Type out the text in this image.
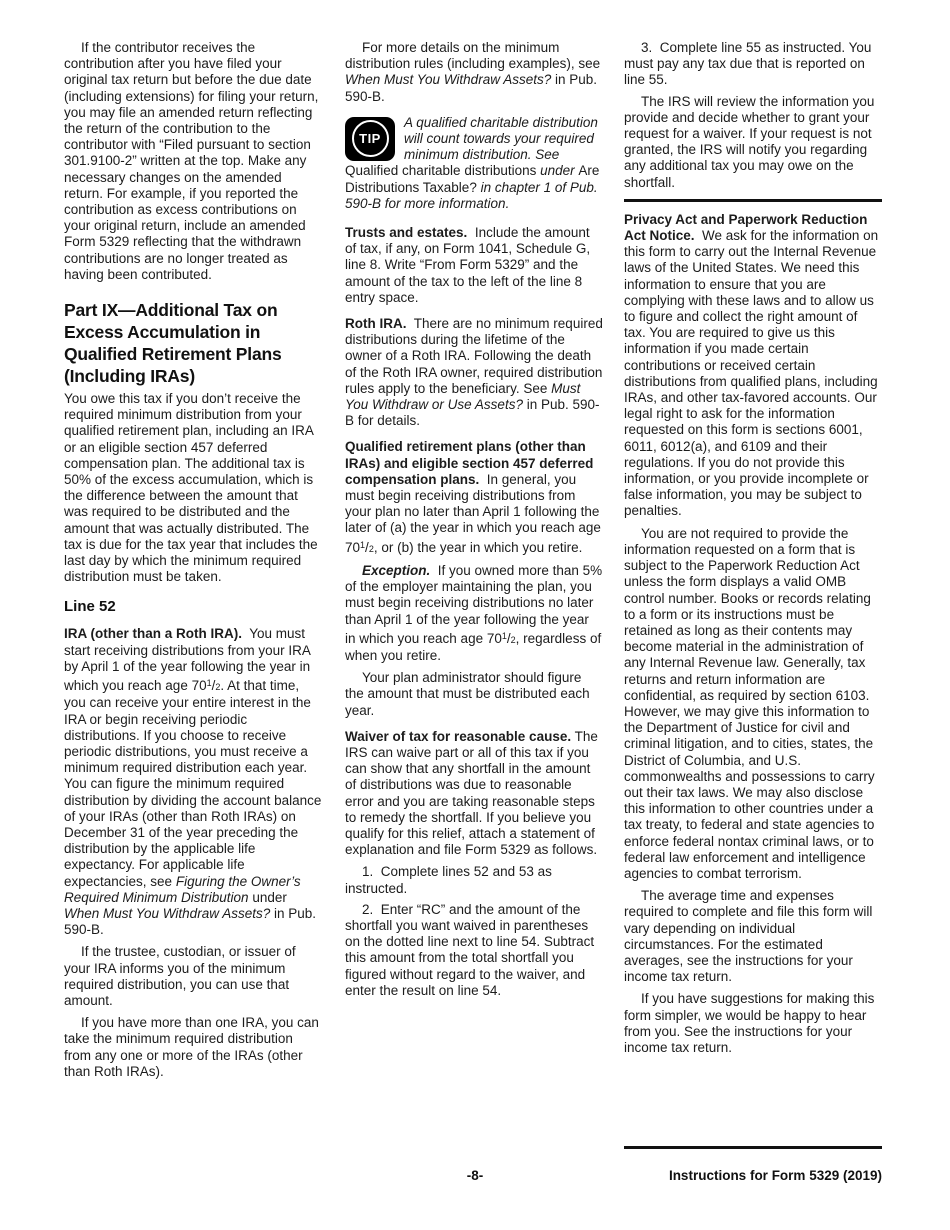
If the contributor receives the contribution after you have filed your original tax return but before the due date (including extensions) for filing your return, you may file an amended return reflecting the return of the contribution to the contributor with “Filed pursuant to section 301.9100-2” written at the top. Make any necessary changes on the amended return. For example, if you reported the contribution as excess contributions on your original return, include an amended Form 5329 reflecting that the withdrawn contributions are no longer treated as having been contributed.

Part IX—Additional Tax on Excess Accumulation in Qualified Retirement Plans (Including IRAs)

You owe this tax if you don’t receive the required minimum distribution from your qualified retirement plan, including an IRA or an eligible section 457 deferred compensation plan. The additional tax is 50% of the excess accumulation, which is the difference between the amount that was required to be distributed and the amount that was actually distributed. The tax is due for the tax year that includes the last day by which the minimum required distribution must be taken.

Line 52

IRA (other than a Roth IRA).  You must start receiving distributions from your IRA by April 1 of the year following the year in which you reach age $70^1/2$. At that time, you can receive your entire interest in the IRA or begin receiving periodic distributions. If you choose to receive periodic distributions, you must receive a minimum required distribution each year. You can figure the minimum required distribution by dividing the account balance of your IRAs (other than Roth IRAs) on December 31 of the year preceding the distribution by the applicable life expectancy. For applicable life expectancies, see Figuring the Owner’s Required Minimum Distribution under When Must You Withdraw Assets? in Pub. 590-B.

If the trustee, custodian, or issuer of your IRA informs you of the minimum required distribution, you can use that amount.

If you have more than one IRA, you can take the minimum required distribution from any one or more of the IRAs (other than Roth IRAs).

For more details on the minimum distribution rules (including examples), see When Must You Withdraw Assets? in Pub. 590-B.

TIP
A qualified charitable distribution will count towards your required minimum distribution. See Qualified charitable distributions under Are Distributions Taxable? in chapter 1 of Pub. 590-B for more information.

Trusts and estates.  Include the amount of tax, if any, on Form 1041, Schedule G, line 8. Write “From Form 5329” and the amount of the tax to the left of the line 8 entry space.

Roth IRA.  There are no minimum required distributions during the lifetime of the owner of a Roth IRA. Following the death of the Roth IRA owner, required distribution rules apply to the beneficiary. See Must You Withdraw or Use Assets? in Pub. 590-B for details.

Qualified retirement plans (other than IRAs) and eligible section 457 deferred compensation plans.  In general, you must begin receiving distributions from your plan no later than April 1 following the later of (a) the year in which you reach age $70^1/2$, or (b) the year in which you retire.

Exception.  If you owned more than 5% of the employer maintaining the plan, you must begin receiving distributions no later than April 1 of the year following the year in which you reach age $70^1/2$, regardless of when you retire.

Your plan administrator should figure the amount that must be distributed each year.

Waiver of tax for reasonable cause. The IRS can waive part or all of this tax if you can show that any shortfall in the amount of distributions was due to reasonable error and you are taking reasonable steps to remedy the shortfall. If you believe you qualify for this relief, attach a statement of explanation and file Form 5329 as follows.

1.  Complete lines 52 and 53 as instructed.

2.  Enter “RC” and the amount of the shortfall you want waived in parentheses on the dotted line next to line 54. Subtract this amount from the total shortfall you figured without regard to the waiver, and enter the result on line 54.

3.  Complete line 55 as instructed. You must pay any tax due that is reported on line 55.

The IRS will review the information you provide and decide whether to grant your request for a waiver. If your request is not granted, the IRS will notify you regarding any additional tax you may owe on the shortfall.

Privacy Act and Paperwork Reduction Act Notice.  We ask for the information on this form to carry out the Internal Revenue laws of the United States. We need this information to ensure that you are complying with these laws and to allow us to figure and collect the right amount of tax. You are required to give us this information if you made certain contributions or received certain distributions from qualified plans, including IRAs, and other tax-favored accounts. Our legal right to ask for the information requested on this form is sections 6001, 6011, 6012(a), and 6109 and their regulations. If you do not provide this information, or you provide incomplete or false information, you may be subject to penalties.

You are not required to provide the information requested on a form that is subject to the Paperwork Reduction Act unless the form displays a valid OMB control number. Books or records relating to a form or its instructions must be retained as long as their contents may become material in the administration of any Internal Revenue law. Generally, tax returns and return information are confidential, as required by section 6103. However, we may give this information to the Department of Justice for civil and criminal litigation, and to cities, states, the District of Columbia, and U.S. commonwealths and possessions to carry out their tax laws. We may also disclose this information to other countries under a tax treaty, to federal and state agencies to enforce federal nontax criminal laws, or to federal law enforcement and intelligence agencies to combat terrorism.

The average time and expenses required to complete and file this form will vary depending on individual circumstances. For the estimated averages, see the instructions for your income tax return.

If you have suggestions for making this form simpler, we would be happy to hear from you. See the instructions for your income tax return.

-8-	Instructions for Form 5329 (2019)
